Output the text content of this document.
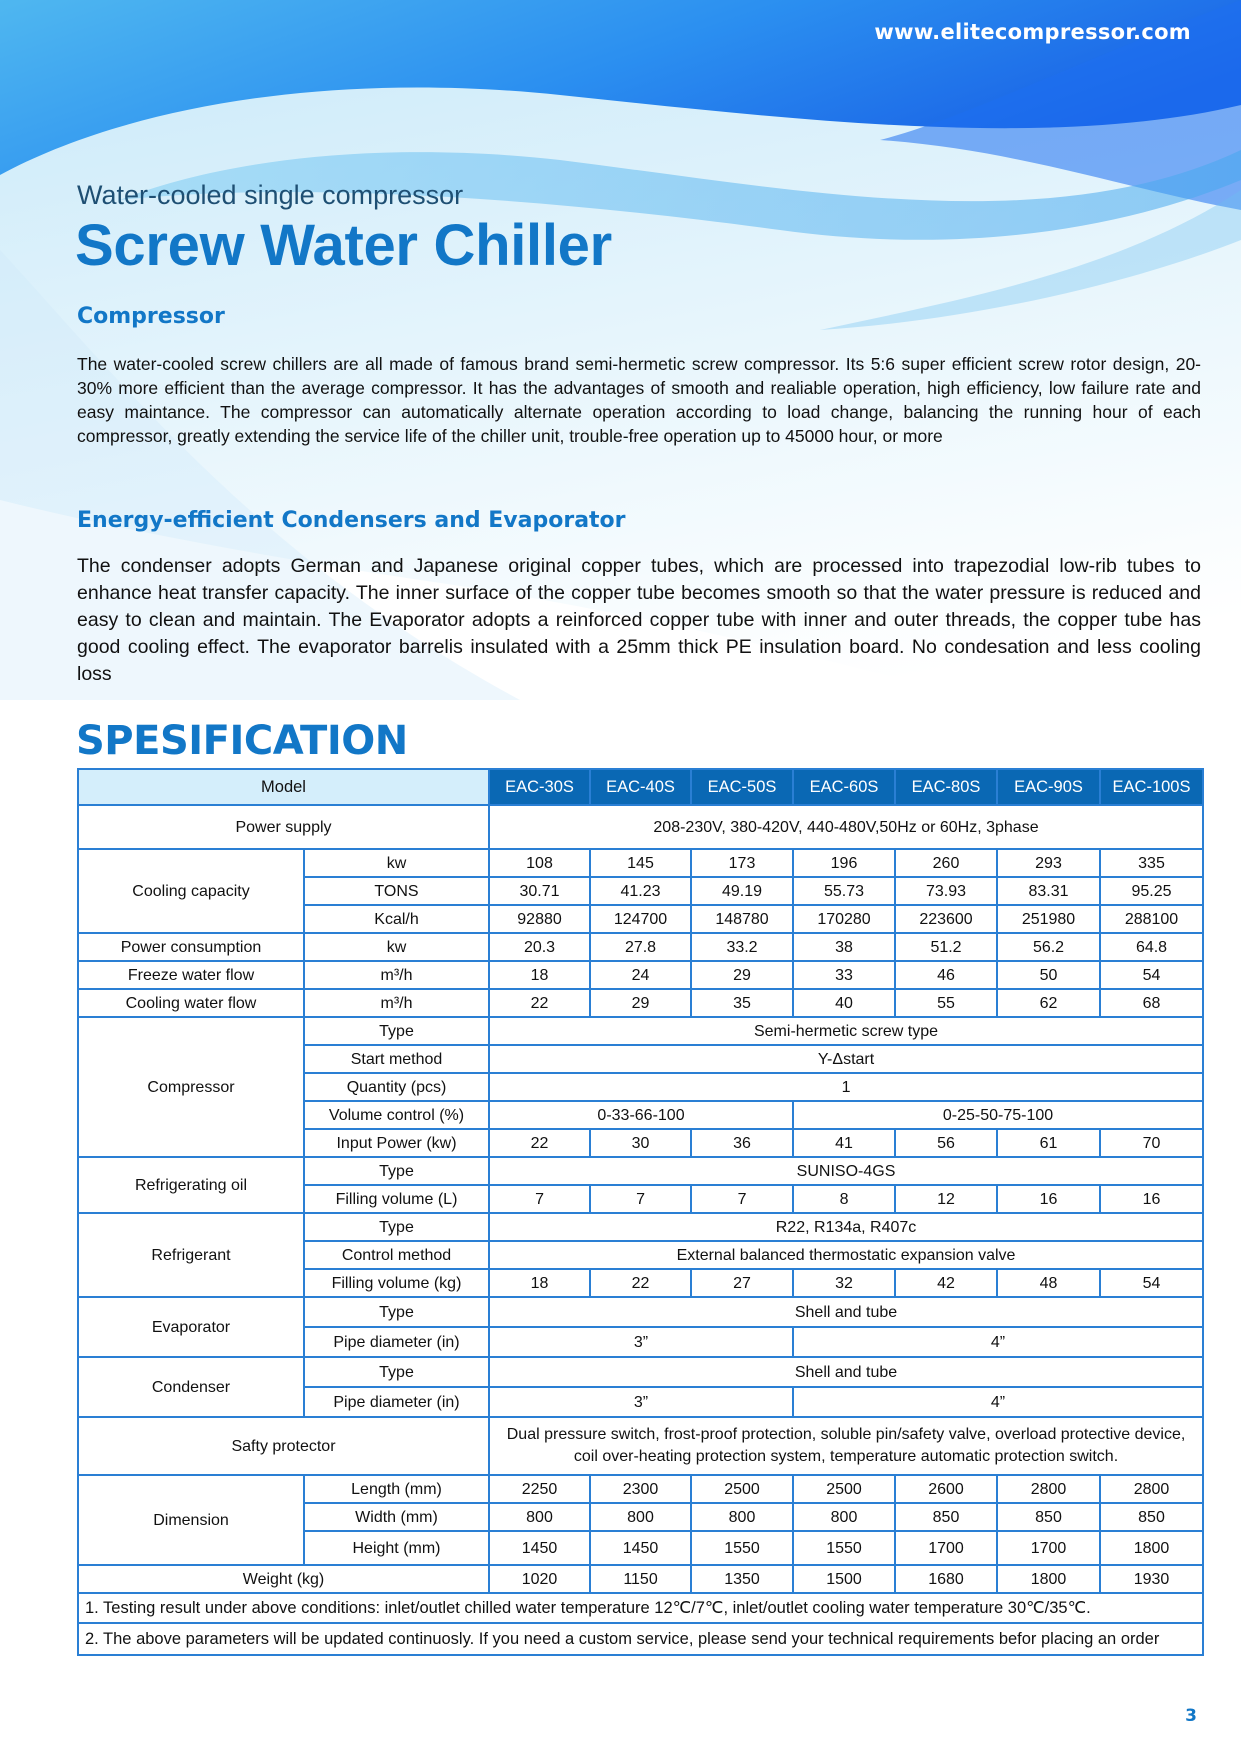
www.elitecompressor.com
Water-cooled single compressor
Screw Water Chiller
Compressor
The water-cooled screw chillers are all made of famous brand semi-hermetic screw compressor. Its 5:6 super efficient screw rotor design, 20-30% more efficient than the average compressor. It has the advantages of smooth and realiable operation, high efficiency, low failure rate and easy maintance. The compressor can automatically alternate operation according to load change, balancing the running hour of each compressor, greatly extending the service life of the chiller unit, trouble-free operation up to 45000 hour, or more
Energy-efficient Condensers and Evaporator
The condenser adopts German and Japanese original copper tubes, which are processed into trapezodial low-rib tubes to enhance heat transfer capacity. The inner surface of the copper tube becomes smooth so that the water pressure is reduced and easy to clean and maintain. The Evaporator adopts a reinforced copper tube with inner and outer threads, the copper tube has good cooling effect. The evaporator barrelis insulated with a 25mm thick PE insulation board. No condesation and less cooling loss
SPESIFICATION
Model		EAC-30S	EAC-40S	EAC-50S	EAC-60S	EAC-80S	EAC-90S	EAC-100S
Power supply		208-230V, 380-420V, 440-480V,50Hz or 60Hz, 3phase						
Cooling capacity	kw	108	145	173	196	260	293	335
	TONS	30.71	41.23	49.19	55.73	73.93	83.31	95.25
	Kcal/h	92880	124700	148780	170280	223600	251980	288100
Power consumption	kw	20.3	27.8	33.2	38	51.2	56.2	64.8
Freeze water flow	m³/h	18	24	29	33	46	50	54
Cooling water flow	m³/h	22	29	35	40	55	62	68
Compressor	Type	Semi-hermetic screw type						
	Start method	Y-Δstart						
	Quantity (pcs)	1						
	Volume control (%)	0-33-66-100			0-25-50-75-100			
	Input Power (kw)	22	30	36	41	56	61	70
Refrigerating oil	Type	SUNISO-4GS						
	Filling volume (L)	7	7	7	8	12	16	16
Refrigerant	Type	R22, R134a, R407c						
	Control method	External balanced thermostatic expansion valve						
	Filling volume (kg)	18	22	27	32	42	48	54
Evaporator	Type	Shell and tube						
	Pipe diameter (in)	3”			4”			
Condenser	Type	Shell and tube						
	Pipe diameter (in)	3”			4”			
Safty protector		Dual pressure switch, frost-proof protection, soluble pin/safety valve, overload protective device, coil over-heating protection system, temperature automatic protection switch.						
Dimension	Length (mm)	2250	2300	2500	2500	2600	2800	2800
	Width (mm)	800	800	800	800	850	850	850
	Height (mm)	1450	1450	1550	1550	1700	1700	1800
Weight (kg)		1020	1150	1350	1500	1680	1800	1930
1. Testing result under above conditions: inlet/outlet chilled water temperature 12℃/7℃, inlet/outlet cooling water temperature 30℃/35℃.								
2. The above parameters will be updated continuosly. If you need a custom service, please send your technical requirements befor placing an order								
3
